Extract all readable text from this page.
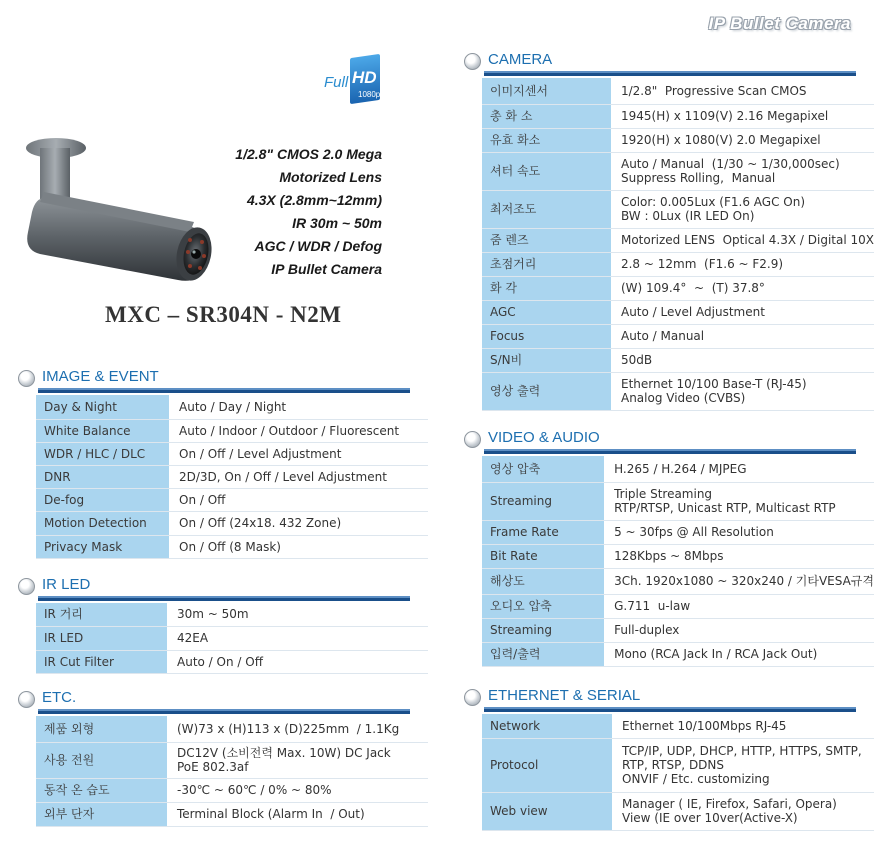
IP Bullet Camera
Full HD
1080p
1/2.8" CMOS 2.0 Mega
Motorized Lens
4.3X (2.8mm~12mm)
IR 30m ~ 50m
AGC / WDR / Defog
IP Bullet Camera
MXC – SR304N - N2M
CAMERA
이미지센서	1/2.8"  Progressive Scan CMOS
총 화 소	1945(H) x 1109(V) 2.16 Megapixel
유효 화소	1920(H) x 1080(V) 2.0 Megapixel
셔터 속도	Auto / Manual  (1/30 ~ 1/30,000sec)
Suppress Rolling,  Manual
최저조도	Color: 0.005Lux (F1.6 AGC On)
BW : 0Lux (IR LED On)
줌 렌즈	Motorized LENS  Optical 4.3X / Digital 10X
초점거리	2.8 ~ 12mm  (F1.6 ~ F2.9)
화 각	(W) 109.4°  ~  (T) 37.8°
AGC	Auto / Level Adjustment
Focus	Auto / Manual
S/N비	50dB
영상 출력	Ethernet 10/100 Base-T (RJ-45)
Analog Video (CVBS)
VIDEO & AUDIO
영상 압축	H.265 / H.264 / MJPEG
Streaming	Triple Streaming
RTP/RTSP, Unicast RTP, Multicast RTP
Frame Rate	5 ~ 30fps @ All Resolution
Bit Rate	128Kbps ~ 8Mbps
해상도	3Ch. 1920x1080 ~ 320x240 / 기타VESA규격
오디오 압축	G.711  u-law
Streaming	Full-duplex
입력/출력	Mono (RCA Jack In / RCA Jack Out)
ETHERNET & SERIAL
Network	Ethernet 10/100Mbps RJ-45
Protocol	TCP/IP, UDP, DHCP, HTTP, HTTPS, SMTP,
RTP, RTSP, DDNS
ONVIF / Etc. customizing
Web view	Manager ( IE, Firefox, Safari, Opera)
View (IE over 10ver(Active-X)
IMAGE & EVENT
Day & Night	Auto / Day / Night
White Balance	Auto / Indoor / Outdoor / Fluorescent
WDR / HLC / DLC	On / Off / Level Adjustment
DNR	2D/3D, On / Off / Level Adjustment
De-fog	On / Off
Motion Detection	On / Off (24x18. 432 Zone)
Privacy Mask	On / Off (8 Mask)
IR LED
IR 거리	30m ~ 50m
IR LED	42EA
IR Cut Filter	Auto / On / Off
ETC.
제품 외형	(W)73 x (H)113 x (D)225mm  / 1.1Kg
사용 전원	DC12V (소비전력 Max. 10W) DC Jack
PoE 802.3af
동작 온 습도	-30℃ ~ 60℃ / 0% ~ 80%
외부 단자	Terminal Block (Alarm In  / Out)
